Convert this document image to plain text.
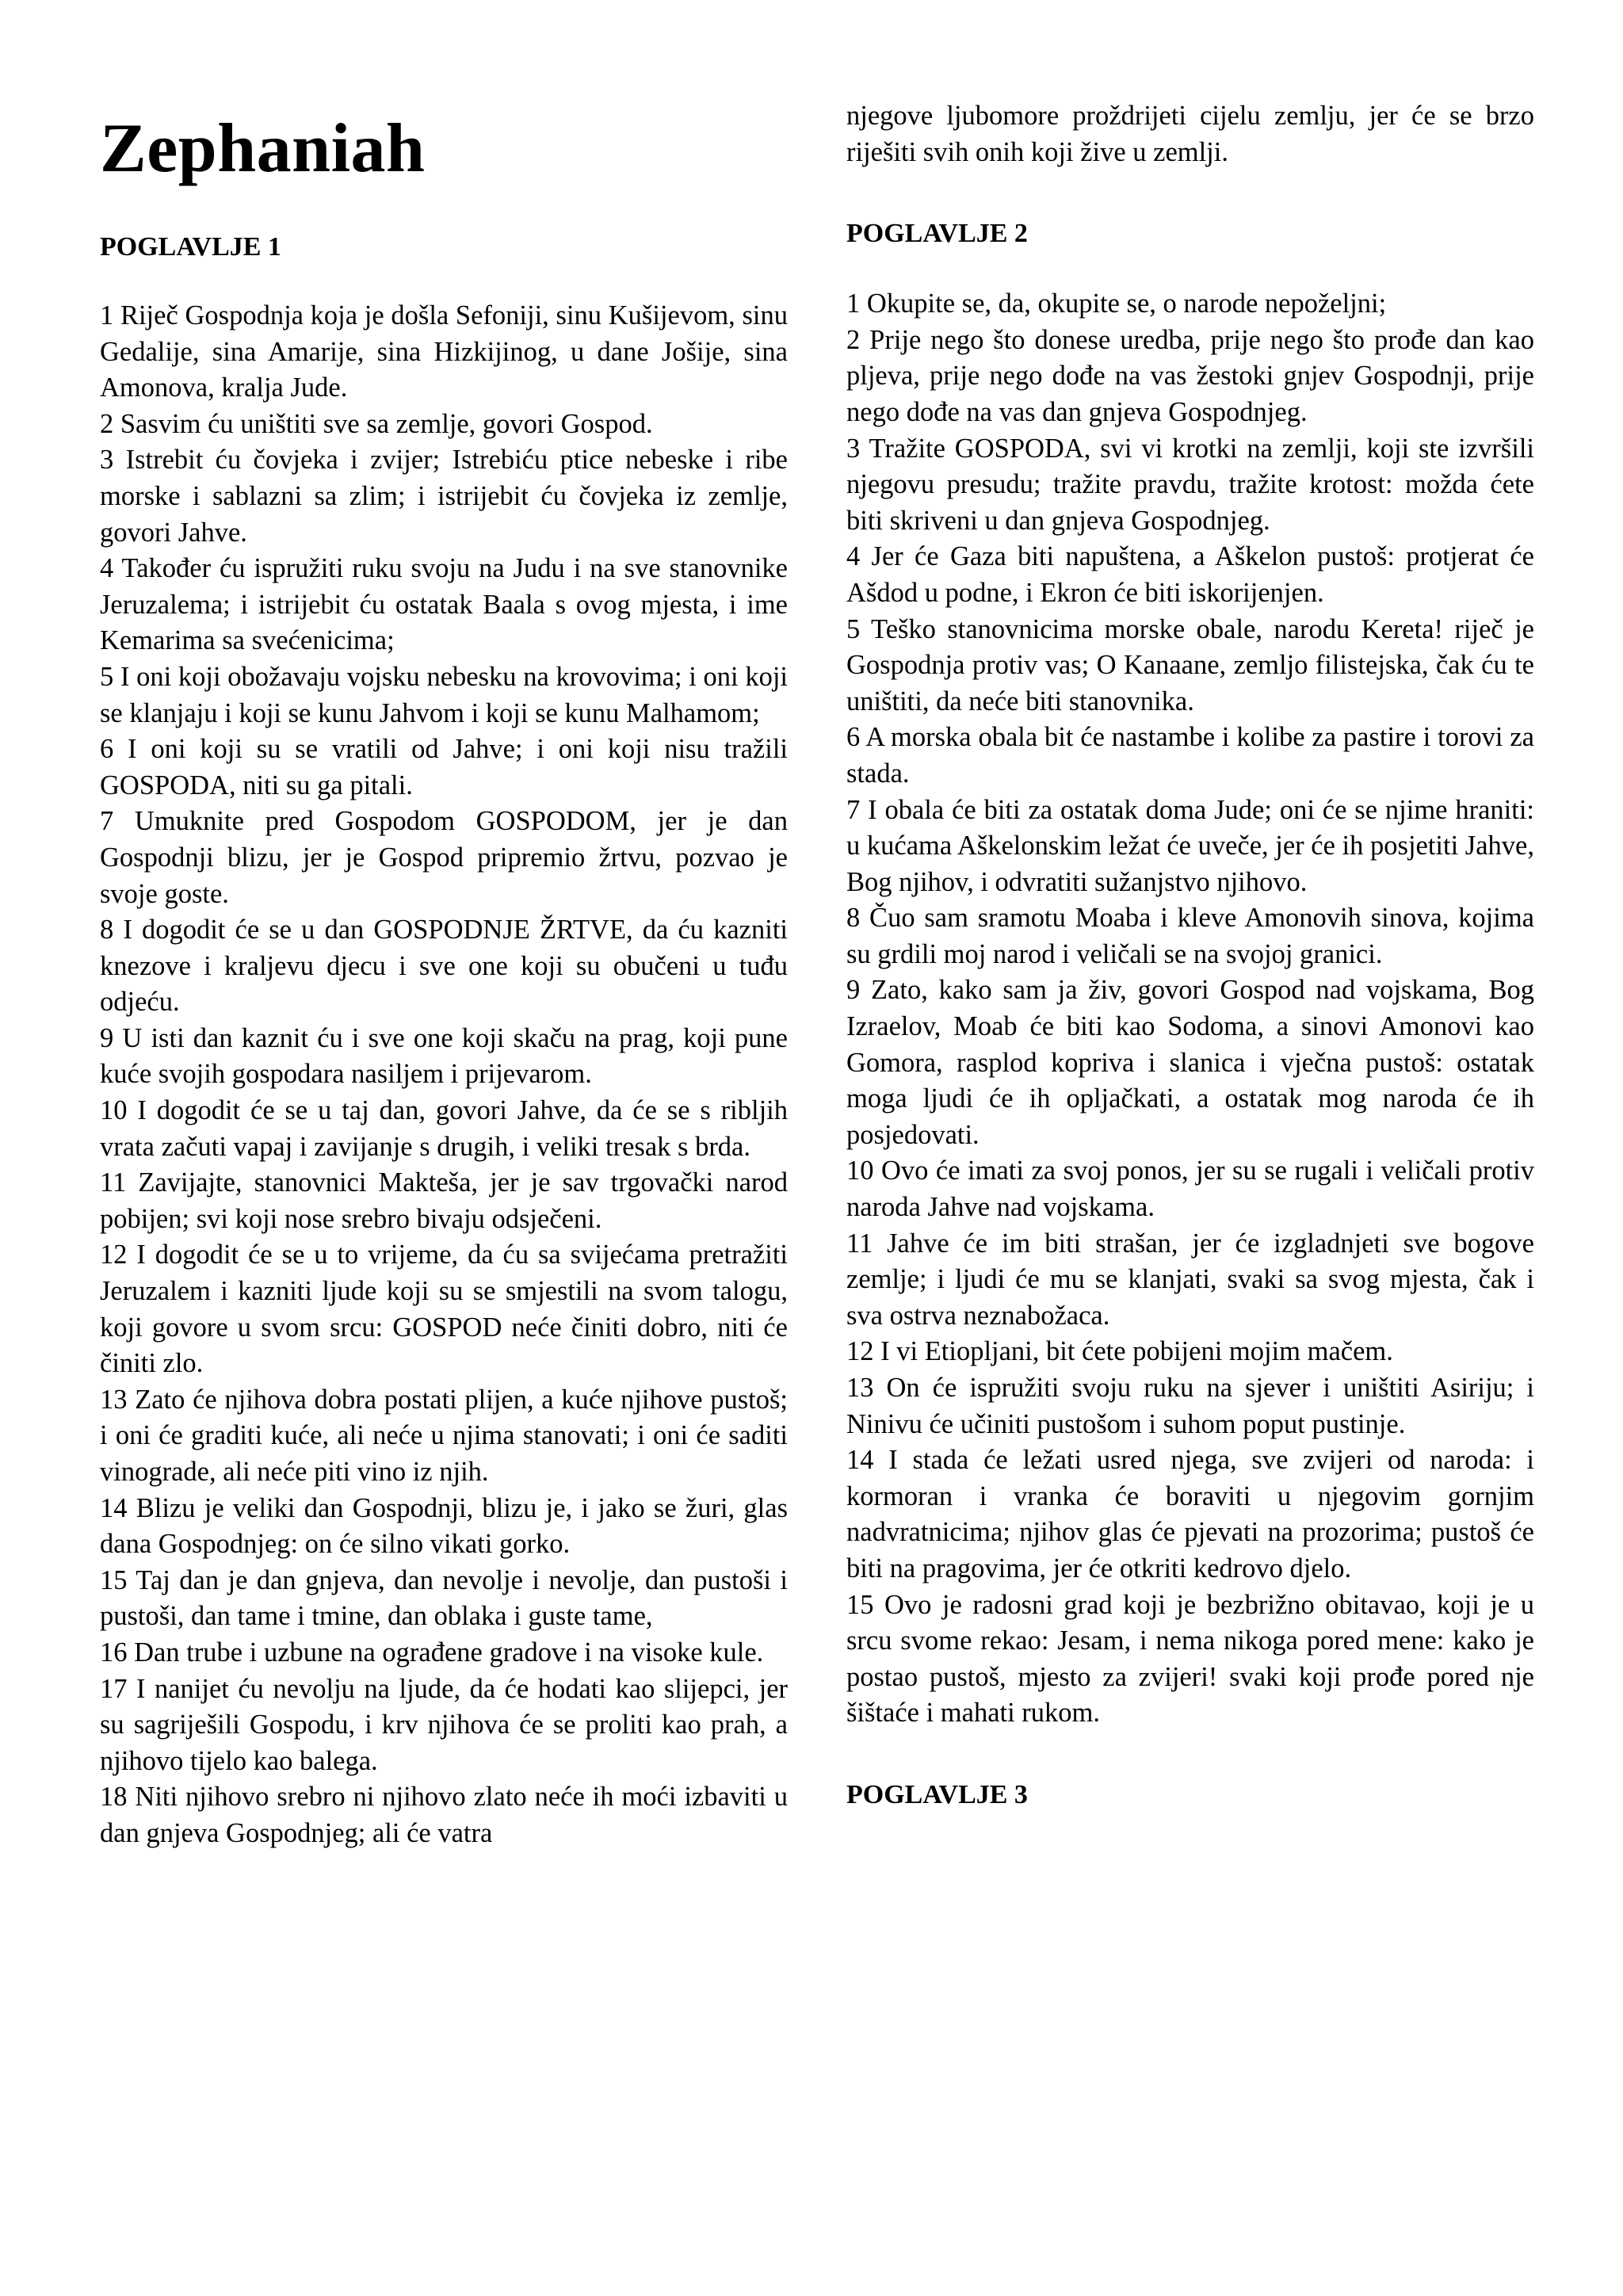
Zephaniah
POGLAVLJE 1

1 Riječ Gospodnja koja je došla Sefoniji, sinu Kušijevom, sinu Gedalije, sina Amarije, sina Hizkijinog, u dane Jošije, sina Amonova, kralja Jude.

2 Sasvim ću uništiti sve sa zemlje, govori Gospod.

3 Istrebit ću čovjeka i zvijer; Istrebiću ptice nebeske i ribe morske i sablazni sa zlim; i istrijebit ću čovjeka iz zemlje, govori Jahve.

4 Također ću ispružiti ruku svoju na Judu i na sve stanovnike Jeruzalema; i istrijebit ću ostatak Baala s ovog mjesta, i ime Kemarima sa svećenicima;

5 I oni koji obožavaju vojsku nebesku na krovovima; i oni koji se klanjaju i koji se kunu Jahvom i koji se kunu Malhamom;

6 I oni koji su se vratili od Jahve; i oni koji nisu tražili GOSPODA, niti su ga pitali.

7 Umuknite pred Gospodom GOSPODOM, jer je dan Gospodnji blizu, jer je Gospod pripremio žrtvu, pozvao je svoje goste.

8 I dogodit će se u dan GOSPODNJE ŽRTVE, da ću kazniti knezove i kraljevu djecu i sve one koji su obučeni u tuđu odjeću.

9 U isti dan kaznit ću i sve one koji skaču na prag, koji pune kuće svojih gospodara nasiljem i prijevarom.

10 I dogodit će se u taj dan, govori Jahve, da će se s ribljih vrata začuti vapaj i zavijanje s drugih, i veliki tresak s brda.

11 Zavijajte, stanovnici Makteša, jer je sav trgovački narod pobijen; svi koji nose srebro bivaju odsječeni.

12 I dogodit će se u to vrijeme, da ću sa svijećama pretražiti Jeruzalem i kazniti ljude koji su se smjestili na svom talogu, koji govore u svom srcu: GOSPOD neće činiti dobro, niti će činiti zlo.

13 Zato će njihova dobra postati plijen, a kuće njihove pustoš; i oni će graditi kuće, ali neće u njima stanovati; i oni će saditi vinograde, ali neće piti vino iz njih.

14 Blizu je veliki dan Gospodnji, blizu je, i jako se žuri, glas dana Gospodnjeg: on će silno vikati gorko.

15 Taj dan je dan gnjeva, dan nevolje i nevolje, dan pustoši i pustoši, dan tame i tmine, dan oblaka i guste tame,

16 Dan trube i uzbune na ograđene gradove i na visoke kule.

17 I nanijet ću nevolju na ljude, da će hodati kao slijepci, jer su sagriješili Gospodu, i krv njihova će se proliti kao prah, a njihovo tijelo kao balega.

18 Niti njihovo srebro ni njihovo zlato neće ih moći izbaviti u dan gnjeva Gospodnjeg; ali će vatra

njegove ljubomore proždrijeti cijelu zemlju, jer će se brzo riješiti svih onih koji žive u zemlji.

POGLAVLJE 2

1 Okupite se, da, okupite se, o narode nepoželjni;

2 Prije nego što donese uredba, prije nego što prođe dan kao pljeva, prije nego dođe na vas žestoki gnjev Gospodnji, prije nego dođe na vas dan gnjeva Gospodnjeg.

3 Tražite GOSPODA, svi vi krotki na zemlji, koji ste izvršili njegovu presudu; tražite pravdu, tražite krotost: možda ćete biti skriveni u dan gnjeva Gospodnjeg.

4 Jer će Gaza biti napuštena, a Aškelon pustoš: protjerat će Ašdod u podne, i Ekron će biti iskorijenjen.

5 Teško stanovnicima morske obale, narodu Kereta! riječ je Gospodnja protiv vas; O Kanaane, zemljo filistejska, čak ću te uništiti, da neće biti stanovnika.

6 A morska obala bit će nastambe i kolibe za pastire i torovi za stada.

7 I obala će biti za ostatak doma Jude; oni će se njime hraniti: u kućama Aškelonskim ležat će uveče, jer će ih posjetiti Jahve, Bog njihov, i odvratiti sužanjstvo njihovo.

8 Čuo sam sramotu Moaba i kleve Amonovih sinova, kojima su grdili moj narod i veličali se na svojoj granici.

9 Zato, kako sam ja živ, govori Gospod nad vojskama, Bog Izraelov, Moab će biti kao Sodoma, a sinovi Amonovi kao Gomora, rasplod kopriva i slanica i vječna pustoš: ostatak moga ljudi će ih opljačkati, a ostatak mog naroda će ih posjedovati.

10 Ovo će imati za svoj ponos, jer su se rugali i veličali protiv naroda Jahve nad vojskama.

11 Jahve će im biti strašan, jer će izgladnjeti sve bogove zemlje; i ljudi će mu se klanjati, svaki sa svog mjesta, čak i sva ostrva neznabožaca.

12 I vi Etiopljani, bit ćete pobijeni mojim mačem.

13 On će ispružiti svoju ruku na sjever i uništiti Asiriju; i Ninivu će učiniti pustošom i suhom poput pustinje.

14 I stada će ležati usred njega, sve zvijeri od naroda: i kormoran i vranka će boraviti u njegovim gornjim nadvratnicima; njihov glas će pjevati na prozorima; pustoš će biti na pragovima, jer će otkriti kedrovo djelo.

15 Ovo je radosni grad koji je bezbrižno obitavao, koji je u srcu svome rekao: Jesam, i nema nikoga pored mene: kako je postao pustoš, mjesto za zvijeri! svaki koji prođe pored nje šištaće i mahati rukom.

POGLAVLJE 3
